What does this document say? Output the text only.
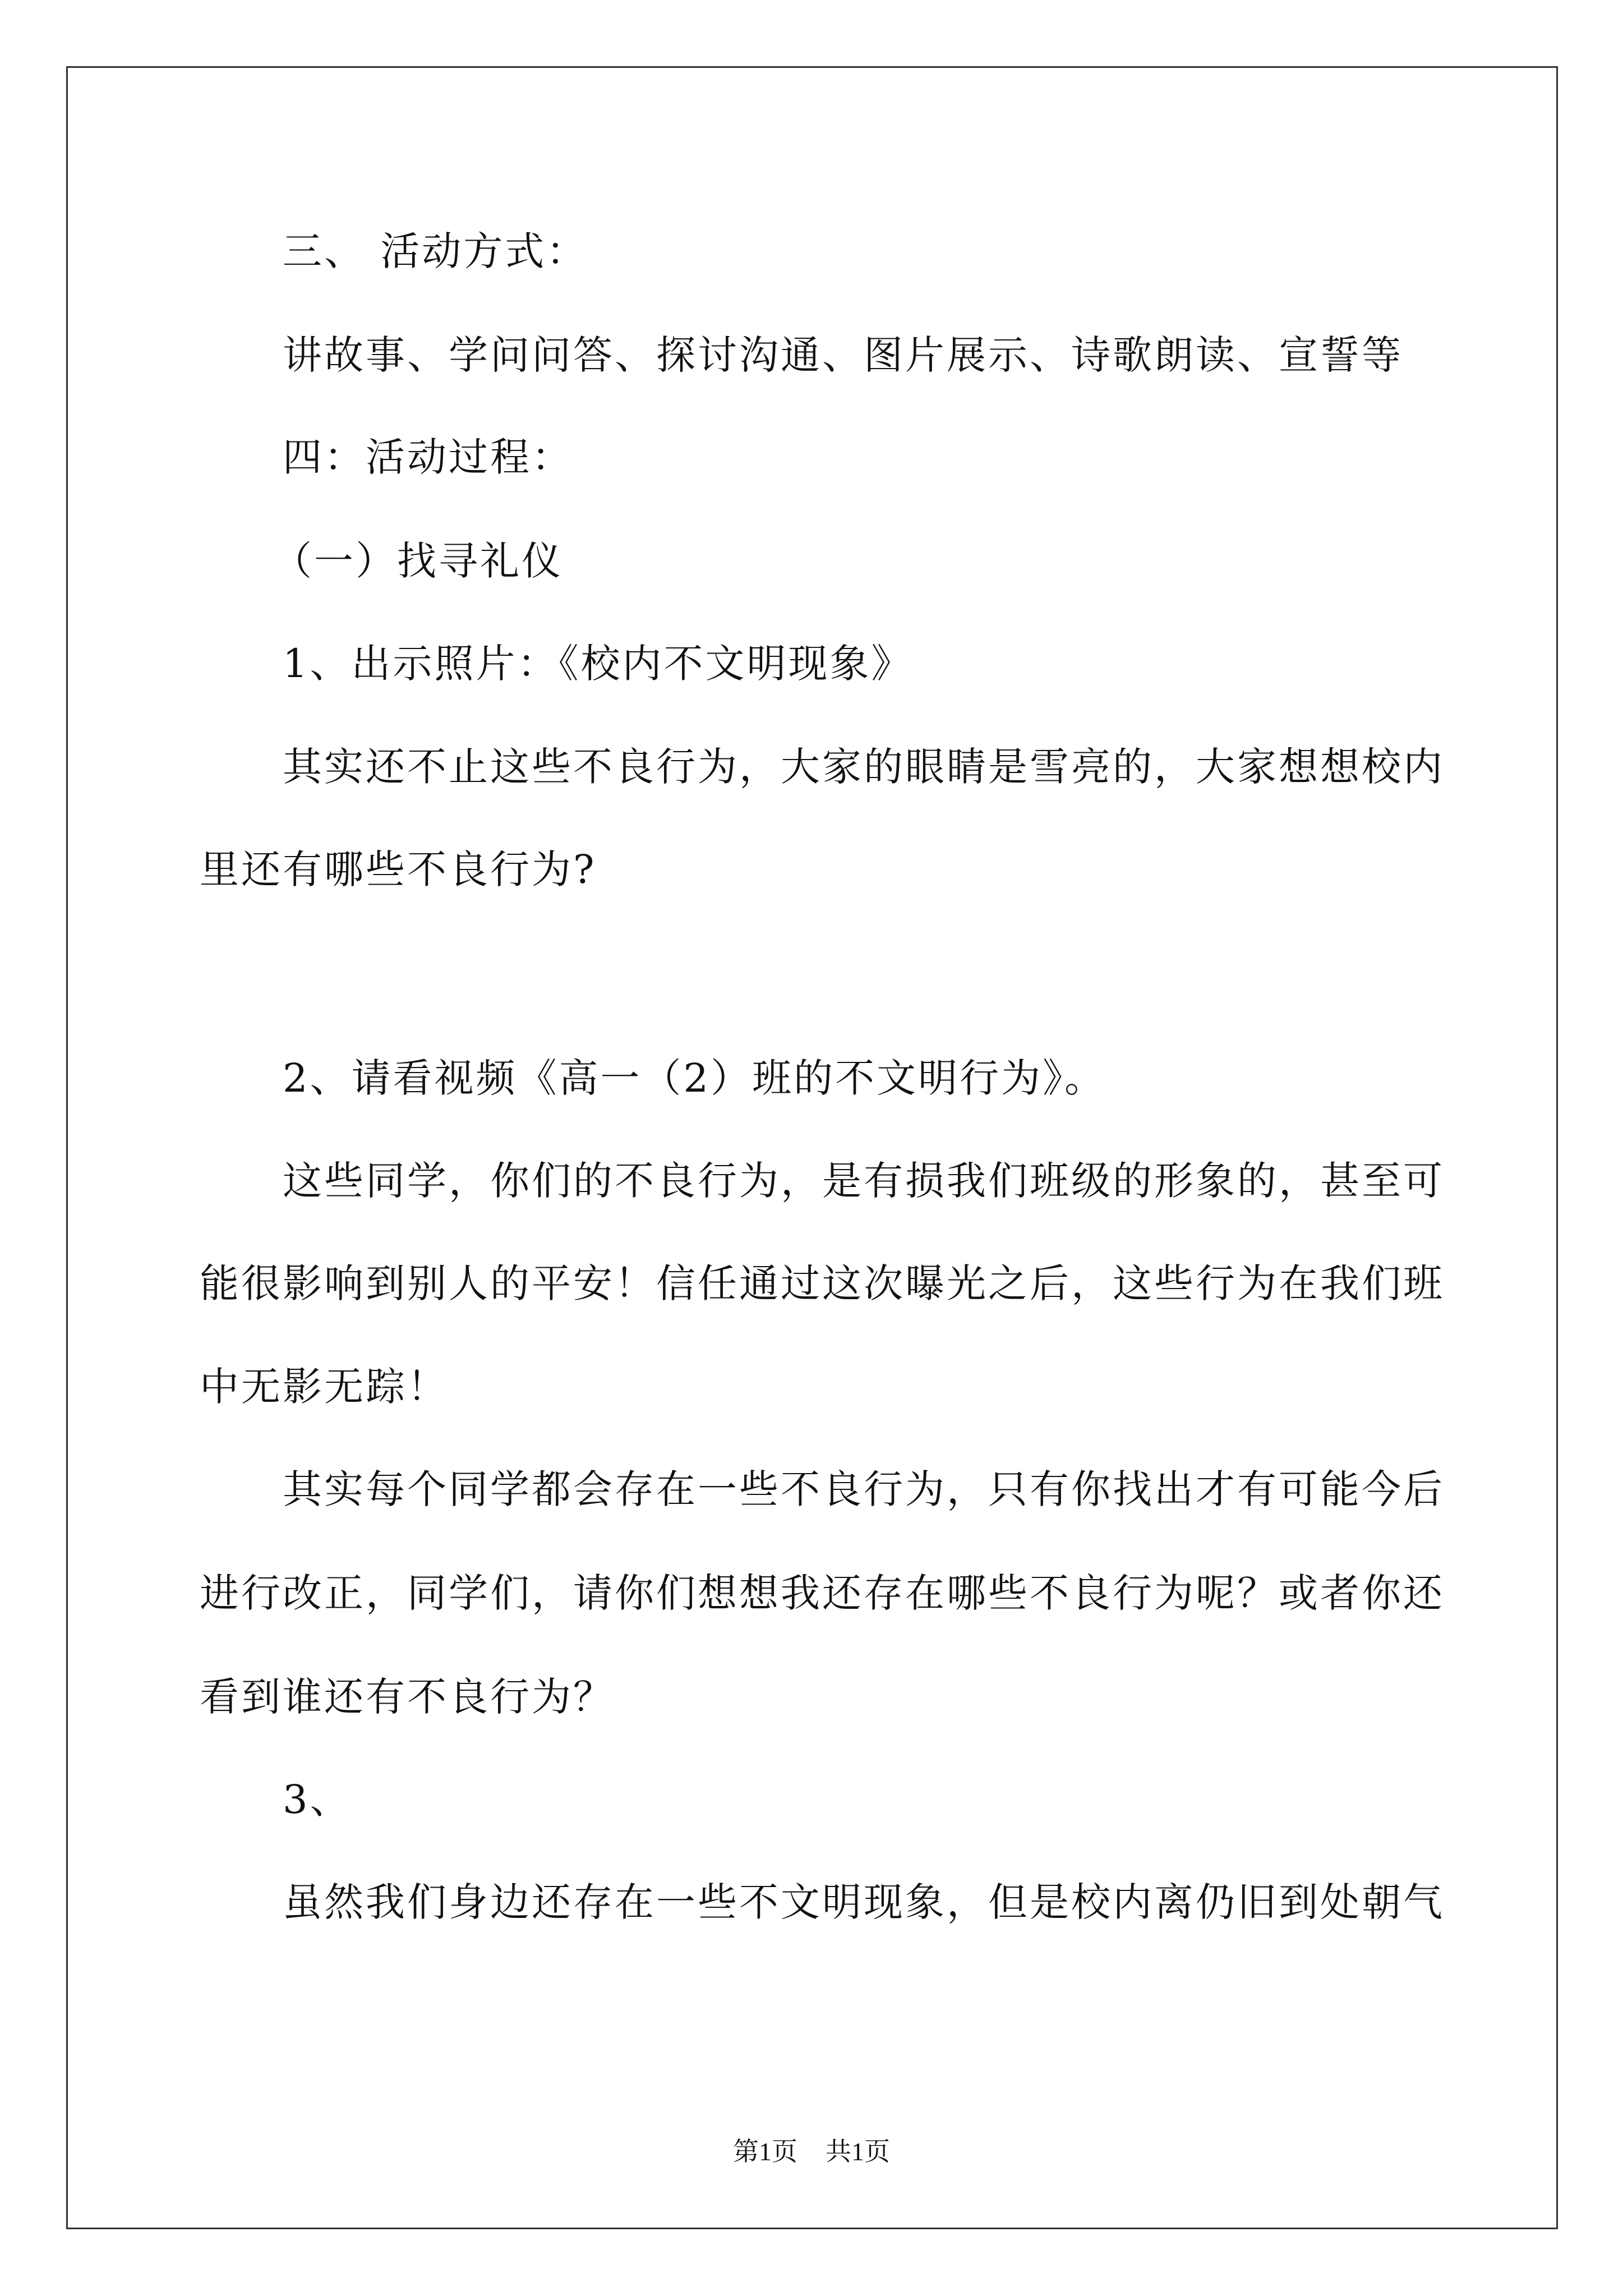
三、 活动方式：
讲故事、学问问答、探讨沟通、图片展示、诗歌朗读、宣誓等
四：活动过程：
（一）找寻礼仪
1、出示照片：《校内不文明现象》
其实还不止这些不良行为，大家的眼睛是雪亮的，大家想想校内
里还有哪些不良行为?
2、请看视频《高一（2）班的不文明行为》。
这些同学，你们的不良行为，是有损我们班级的形象的，甚至可
能很影响到别人的平安！信任通过这次曝光之后，这些行为在我们班
中无影无踪！
其实每个同学都会存在一些不良行为，只有你找出才有可能今后
进行改正，同学们，请你们想想我还存在哪些不良行为呢？或者你还
看到谁还有不良行为？
3、
虽然我们身边还存在一些不文明现象，但是校内离仍旧到处朝气
第1页 共1页
